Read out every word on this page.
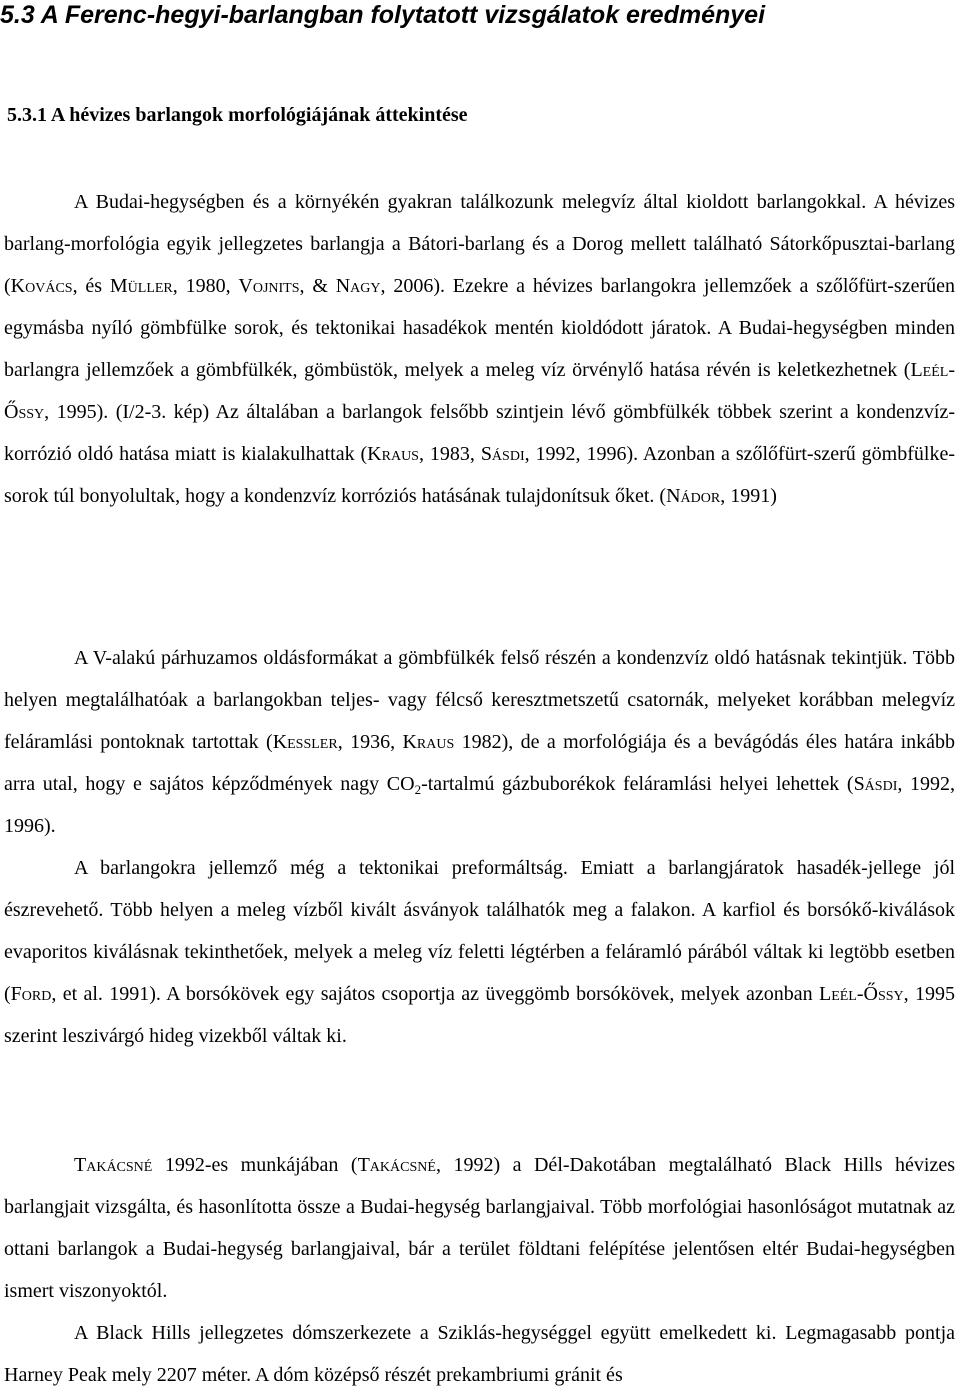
5.3 A Ferenc-hegyi-barlangban folytatott vizsgálatok eredményei
5.3.1 A hévizes barlangok morfológiájának áttekintése

A Budai-hegységben és a környékén gyakran találkozunk melegvíz által kioldott barlangokkal. A hévizes barlang-morfológia egyik jellegzetes barlangja a Bátori-barlang és a Dorog mellett található Sátorkőpusztai-barlang (Kovács, és Müller, 1980, Vojnits, & Nagy, 2006). Ezekre a hévizes barlangokra jellemzőek a szőlőfürt-szerűen egymásba nyíló gömbfülke sorok, és tektonikai hasadékok mentén kioldódott járatok. A Budai-hegységben minden barlangra jellemzőek a gömbfülkék, gömbüstök, melyek a meleg víz örvénylő hatása révén is keletkezhetnek (Leél-Őssy, 1995). (I/2-3. kép) Az általában a barlangok felsőbb szintjein lévő gömbfülkék többek szerint a kondenzvíz-korrózió oldó hatása miatt is kialakulhattak (Kraus, 1983, Sásdi, 1992, 1996). Azonban a szőlőfürt-szerű gömbfülke-sorok túl bonyolultak, hogy a kondenzvíz korróziós hatásának tulajdonítsuk őket. (Nádor, 1991)

A V-alakú párhuzamos oldásformákat a gömbfülkék felső részén a kondenzvíz oldó hatásnak tekintjük. Több helyen megtalálhatóak a barlangokban teljes- vagy félcső keresztmetszetű csatornák, melyeket korábban melegvíz feláramlási pontoknak tartottak (Kessler, 1936, Kraus 1982), de a morfológiája és a bevágódás éles határa inkább arra utal, hogy e sajátos képződmények nagy $CO_2$-tartalmú gázbuborékok feláramlási helyei lehettek (Sásdi, 1992, 1996).

A barlangokra jellemző még a tektonikai preformáltság. Emiatt a barlangjáratok hasadék-jellege jól észrevehető. Több helyen a meleg vízből kivált ásványok találhatók meg a falakon. A karfiol és borsókő-kiválások evaporitos kiválásnak tekinthetőek, melyek a meleg víz feletti légtérben a feláramló párából váltak ki legtöbb esetben (Ford, et al. 1991). A borsókövek egy sajátos csoportja az üveggömb borsókövek, melyek azonban Leél-Őssy, 1995 szerint leszivárgó hideg vizekből váltak ki.

Takácsné 1992-es munkájában (Takácsné, 1992) a Dél-Dakotában megtalálható Black Hills hévizes barlangjait vizsgálta, és hasonlította össze a Budai-hegység barlangjaival. Több morfológiai hasonlóságot mutatnak az ottani barlangok a Budai-hegység barlangjaival, bár a terület földtani felépítése jelentősen eltér Budai-hegységben ismert viszonyoktól.

A Black Hills jellegzetes dómszerkezete a Sziklás-hegységgel együtt emelkedett ki. Legmagasabb pontja Harney Peak mely 2207 méter. A dóm középső részét prekambriumi gránit és
